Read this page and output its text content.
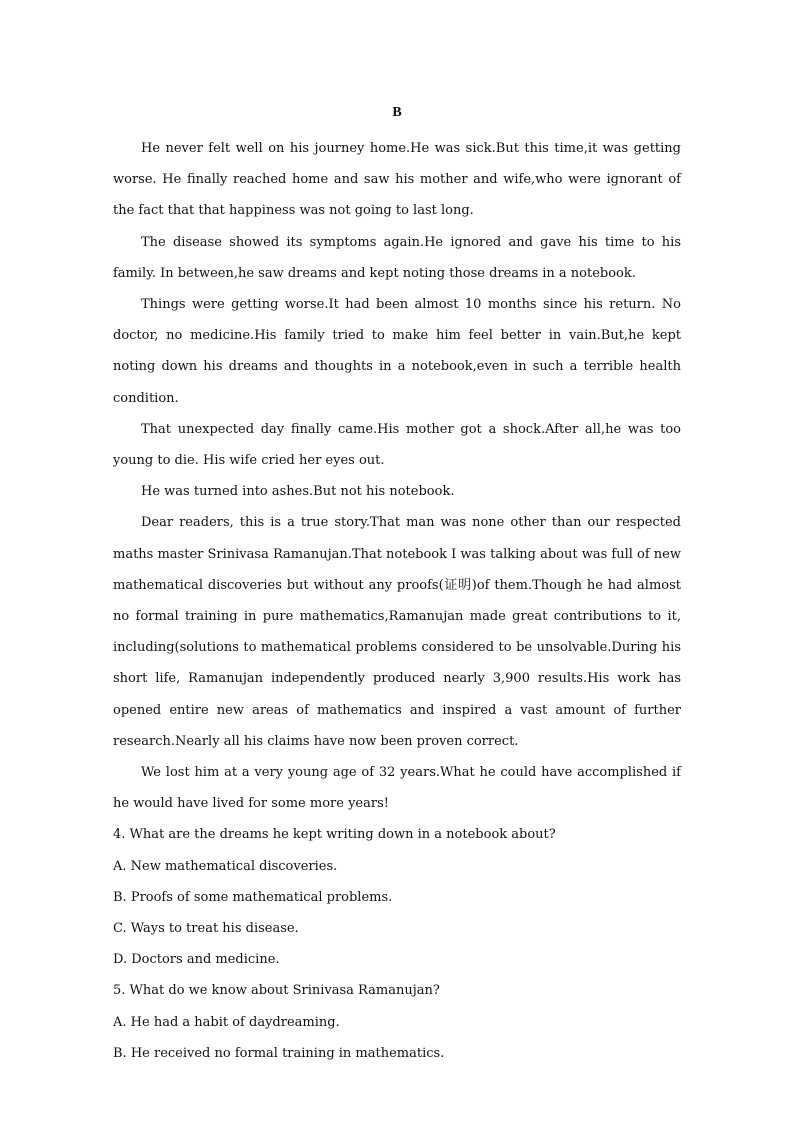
B

He never felt well on his journey home.He was sick.But this time,it was getting worse. He finally reached home and saw his mother and wife,who were ignorant of the fact that that happiness was not going to last long.

The disease showed its symptoms again.He ignored and gave his time to his family. In between,he saw dreams and kept noting those dreams in a notebook.

Things were getting worse.It had been almost 10 months since his return. No doctor, no medicine.His family tried to make him feel better in vain.But,he kept noting down his dreams and thoughts in a notebook,even in such a terrible health condition.

That unexpected day finally came.His mother got a shock.After all,he was too young to die. His wife cried her eyes out.

He was turned into ashes.But not his notebook.

Dear readers, this is a true story.That man was none other than our respected maths master Srinivasa Ramanujan.That notebook I was talking about was full of new mathematical discoveries but without any proofs(证明)of them.Though he had almost no formal training in pure mathematics,Ramanujan made great contributions to it, including(solutions to mathematical problems considered to be unsolvable.During his short life, Ramanujan independently produced nearly 3,900 results.His work has opened entire new areas of mathematics and inspired a vast amount of further research.Nearly all his claims have now been proven correct.

We lost him at a very young age of 32 years.What he could have accomplished if he would have lived for some more years!

4. What are the dreams he kept writing down in a notebook about?

A. New mathematical discoveries.

B. Proofs of some mathematical problems.

C. Ways to treat his disease.

D. Doctors and medicine.

5. What do we know about Srinivasa Ramanujan?

A. He had a habit of daydreaming.

B. He received no formal training in mathematics.
